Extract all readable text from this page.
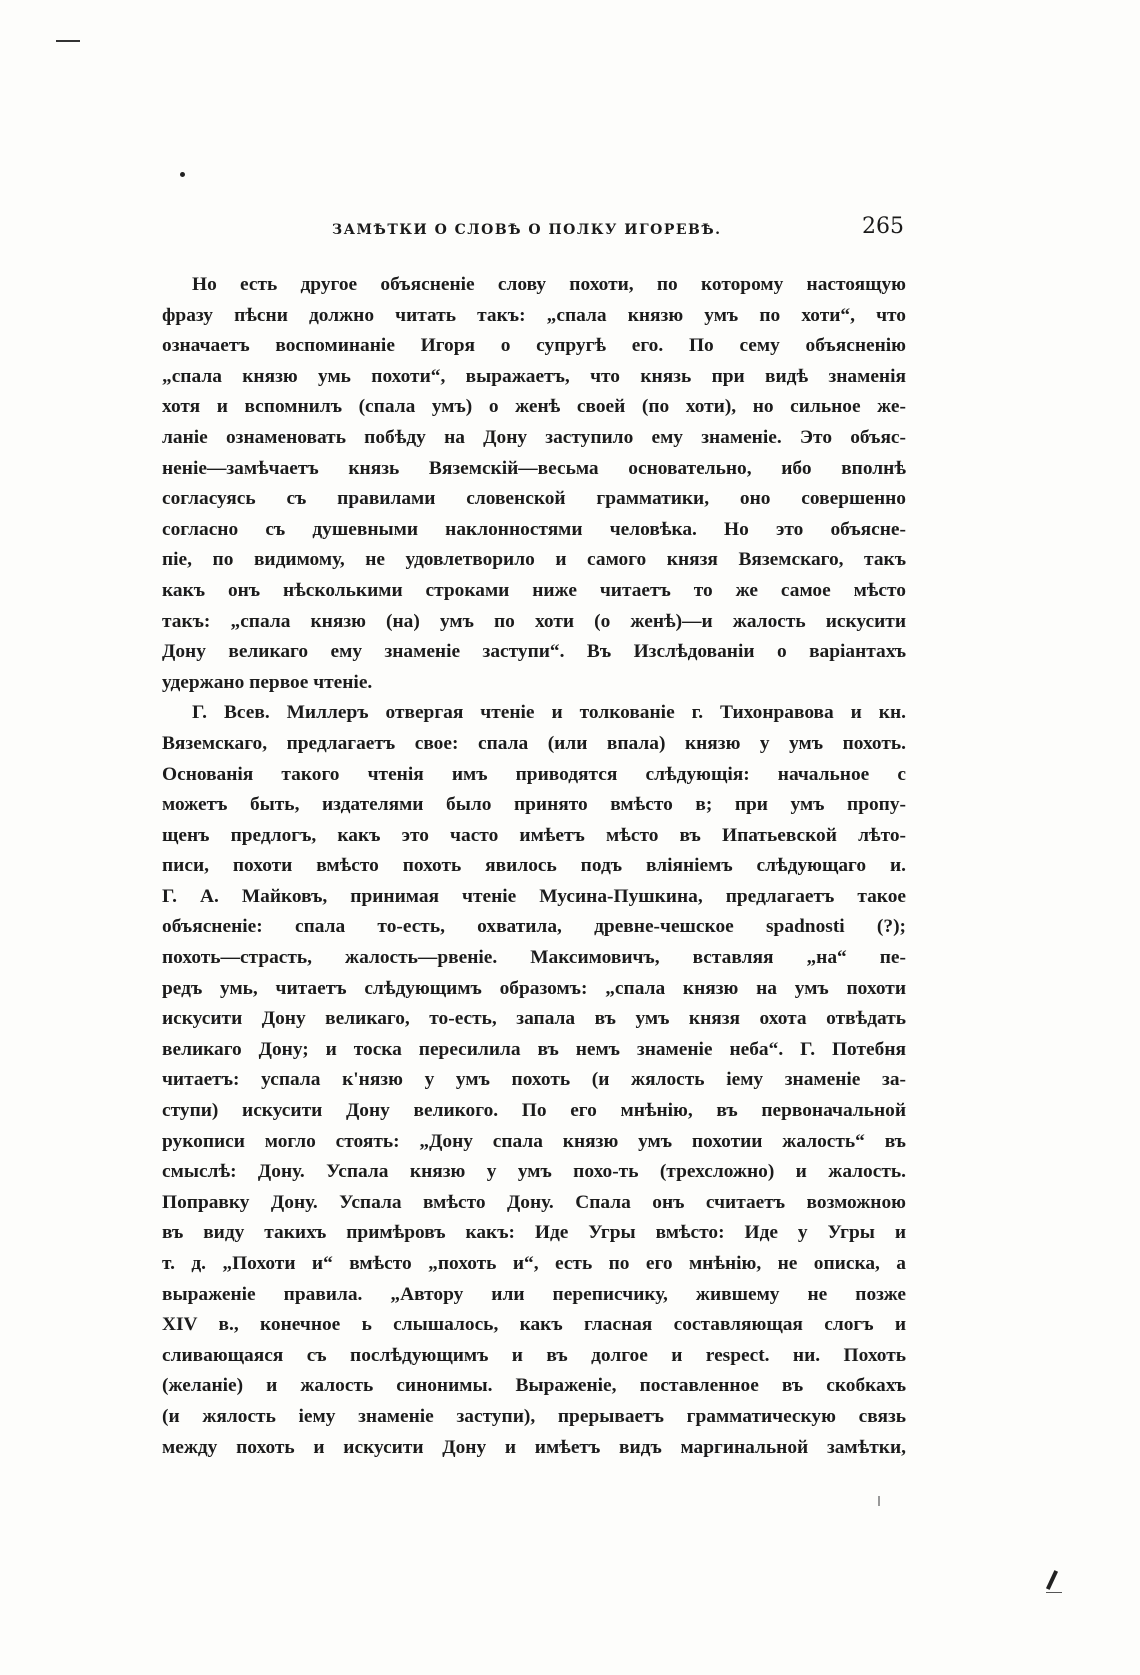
ЗАМѢТКИ О СЛОВѢ О ПОЛКУ ИГОРЕВѢ.	265
Но есть другое объясненіе слову похоти, по которому настоящую
фразу пѣсни должно читать такъ: „спала князю умъ по хоти“, что
означаетъ воспоминаніе Игоря о супругѣ его. По сему объясненію
„спала князю умь похоти“, выражаетъ, что князь при видѣ знаменія
хотя и вспомнилъ (спала умъ) о женѣ своей (по хоти), но сильное же-
ланіе ознаменовать побѣду на Дону заступило ему знаменіе. Это объяс-
неніе—замѣчаетъ князь Вяземскій—весьма основательно, ибо вполнѣ
согласуясь съ правилами словенской грамматики, оно совершенно
согласно съ душевными наклонностями человѣка. Но это объясне-
піе, по видимому, не удовлетворило и самого князя Вяземскаго, такъ
какъ онъ нѣсколькими строками ниже читаетъ то же самое мѣсто
такъ: „спала князю (на) умъ по хоти (о женѣ)—и жалость искусити
Дону великаго ему знаменіе заступи“. Въ Изслѣдованіи о варіантахъ
удержано первое чтеніе.
Г. Всев. Миллеръ отвергая чтеніе и толкованіе г. Тихонравова и кн.
Вяземскаго, предлагаетъ свое: спала (или впала) князю у умъ похоть.
Основанія такого чтенія имъ приводятся слѣдующія: начальное с
можетъ быть, издателями было принято вмѣсто в; при умъ пропу-
щенъ предлогъ, какъ это часто имѣетъ мѣсто въ Ипатьевской лѣто-
писи, похоти вмѣсто похоть явилось подъ вліяніемъ слѣдующаго и.
Г. А. Майковъ, принимая чтеніе Мусина-Пушкина, предлагаетъ такое
объясненіе: спала то-есть, охватила, древне-чешское spadnosti (?);
похоть—страсть, жалость—рвеніе. Максимовичъ, вставляя „на“ пе-
редъ умь, читаетъ слѣдующимъ образомъ: „спала князю на умъ похоти
искусити Дону великаго, то-есть, запала въ умъ князя охота отвѣдать
великаго Дону; и тоска пересилила въ немъ знаменіе неба“. Г. Потебня
читаетъ: успала к'нязю у умъ похоть (и жялость іему знаменіе за-
ступи) искусити Дону великого. По его мнѣнію, въ первоначальной
рукописи могло стоять: „Дону спала князю умъ похотии жалость“ въ
смыслѣ: Дону. Успала князю у умъ похо-ть (трехсложно) и жалость.
Поправку Дону. Успала вмѣсто Дону. Спала онъ считаетъ возможною
въ виду такихъ примѣровъ какъ: Иде Угры вмѣсто: Иде у Угры и
т. д. „Похоти и“ вмѣсто „похоть и“, есть по его мнѣнію, не описка, а
выраженіе правила. „Автору или переписчику, жившему не позже
XIV в., конечное ь слышалось, какъ гласная составляющая слогъ и
сливающаяся съ послѣдующимъ и въ долгое и respect. ни. Похоть
(желаніе) и жалость синонимы. Выраженіе, поставленное въ скобкахъ
(и жялость іему знаменіе заступи), прерываетъ грамматическую связь
между похоть и искусити Дону и имѣетъ видъ маргинальной замѣтки,
